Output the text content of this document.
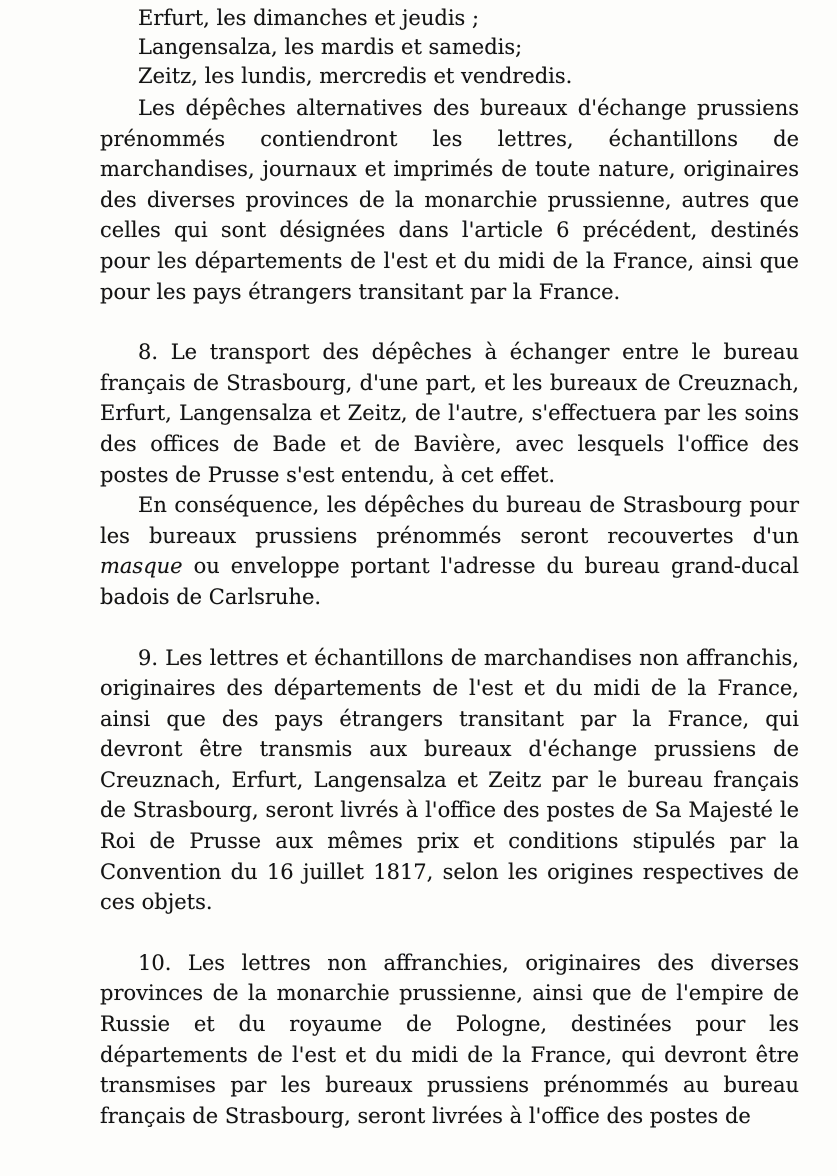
Erfurt, les dimanches et jeudis ;
Langensalza, les mardis et samedis;
Zeitz, les lundis, mercredis et vendredis.

Les dépêches alternatives des bureaux d'échange prussiens prénommés contiendront les lettres, échantillons de marchandises, journaux et imprimés de toute nature, originaires des diverses provinces de la monarchie prussienne, autres que celles qui sont désignées dans l'article 6 précédent, destinés pour les départements de l'est et du midi de la France, ainsi que pour les pays étrangers transitant par la France.

8. Le transport des dépêches à échanger entre le bureau français de Strasbourg, d'une part, et les bureaux de Creuznach, Erfurt, Langensalza et Zeitz, de l'autre, s'effectuera par les soins des offices de Bade et de Bavière, avec lesquels l'office des postes de Prusse s'est entendu, à cet effet.

En conséquence, les dépêches du bureau de Strasbourg pour les bureaux prussiens prénommés seront recouvertes d'un masque ou enveloppe portant l'adresse du bureau grand-ducal badois de Carlsruhe.

9. Les lettres et échantillons de marchandises non affranchis, originaires des départements de l'est et du midi de la France, ainsi que des pays étrangers transitant par la France, qui devront être transmis aux bureaux d'échange prussiens de Creuznach, Erfurt, Langensalza et Zeitz par le bureau français de Strasbourg, seront livrés à l'office des postes de Sa Majesté le Roi de Prusse aux mêmes prix et conditions stipulés par la Convention du 16 juillet 1817, selon les origines respectives de ces objets.

10. Les lettres non affranchies, originaires des diverses provinces de la monarchie prussienne, ainsi que de l'empire de Russie et du royaume de Pologne, destinées pour les départements de l'est et du midi de la France, qui devront être transmises par les bureaux prussiens prénommés au bureau français de Strasbourg, seront livrées à l'office des postes de
